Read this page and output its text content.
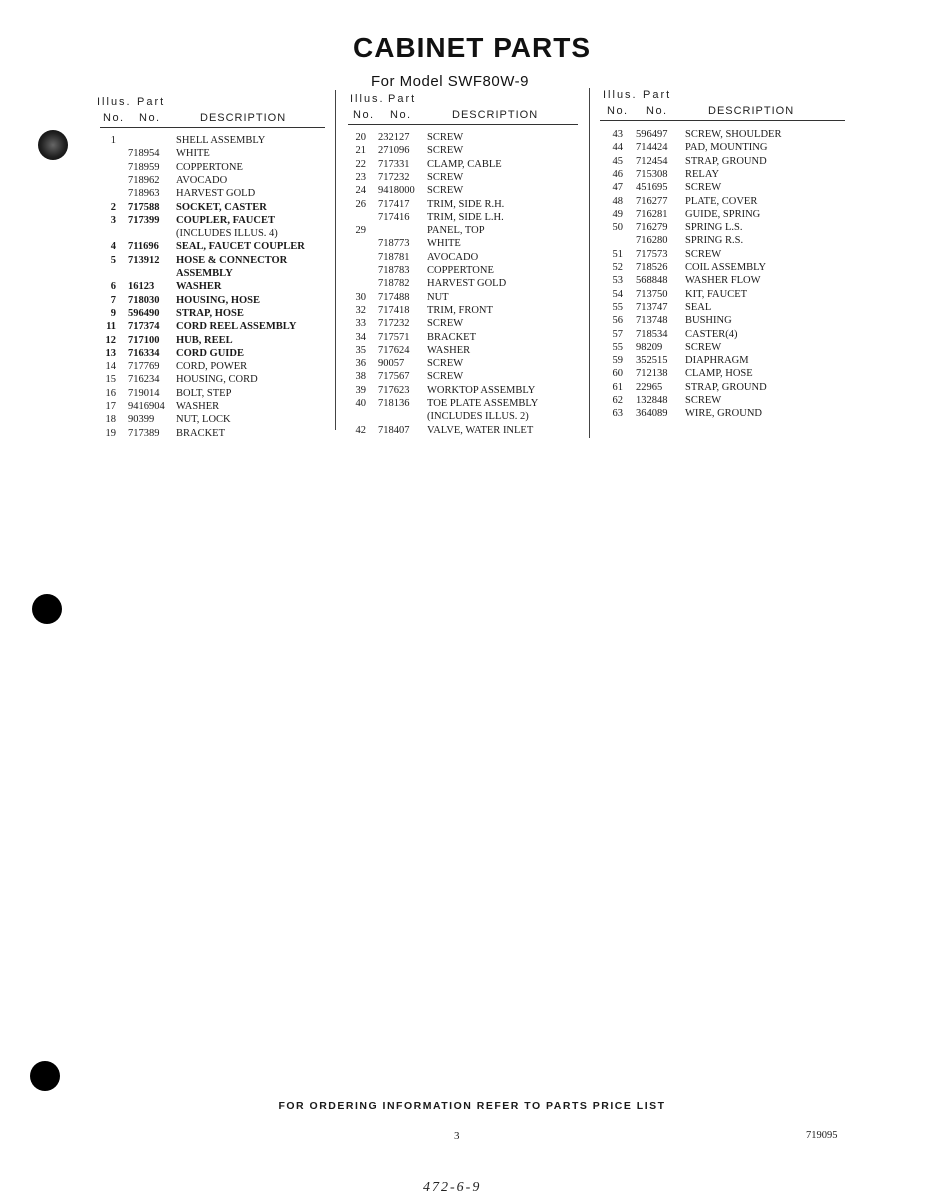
CABINET PARTS
For Model SWF80W-9
Illus. Part
No. No.	DESCRIPTION
Illus. Part
No. No.	DESCRIPTION
Illus. Part
No. No.	DESCRIPTION
1	SHELL ASSEMBLY
718954 WHITE
718959 COPPERTONE
718962 AVOCADO
718963 HARVEST GOLD
2 717588 SOCKET, CASTER
3 717399 COUPLER, FAUCET
(INCLUDES ILLUS. 4)
4 711696 SEAL, FAUCET COUPLER
5 713912 HOSE & CONNECTOR
ASSEMBLY
6 16123 WASHER
7 718030 HOUSING, HOSE
9 596490 STRAP, HOSE
11 717374 CORD REEL ASSEMBLY
12 717100 HUB, REEL
13 716334 CORD GUIDE
14 717769 CORD, POWER
15 716234 HOUSING, CORD
16 719014 BOLT, STEP
17 9416904 WASHER
18 90399 NUT, LOCK
19 717389 BRACKET
20 232127 SCREW
21 271096 SCREW
22 717331 CLAMP, CABLE
23 717232 SCREW
24 9418000 SCREW
26 717417 TRIM, SIDE R.H.
717416 TRIM, SIDE L.H.
29	PANEL, TOP
718773 WHITE
718781 AVOCADO
718783 COPPERTONE
718782 HARVEST GOLD
30 717488 NUT
32 717418 TRIM, FRONT
33 717232 SCREW
34 717571 BRACKET
35 717624 WASHER
36 90057 SCREW
38 717567 SCREW
39 717623 WORKTOP ASSEMBLY
40 718136 TOE PLATE ASSEMBLY
(INCLUDES ILLUS. 2)
42 718407 VALVE, WATER INLET
43 596497 SCREW, SHOULDER
44 714424 PAD, MOUNTING
45 712454 STRAP, GROUND
46 715308 RELAY
47 451695 SCREW
48 716277 PLATE, COVER
49 716281 GUIDE, SPRING
50 716279 SPRING L.S.
716280 SPRING R.S.
51 717573 SCREW
52 718526 COIL ASSEMBLY
53 568848 WASHER FLOW
54 713750 KIT, FAUCET
55 713747 SEAL
56 713748 BUSHING
57 718534 CASTER(4)
55 98209 SCREW
59 352515 DIAPHRAGM
60 712138 CLAMP, HOSE
61 22965 STRAP, GROUND
62 132848 SCREW
63 364089 WIRE, GROUND
FOR ORDERING INFORMATION REFER TO PARTS PRICE LIST
3	719095
472-6-9
